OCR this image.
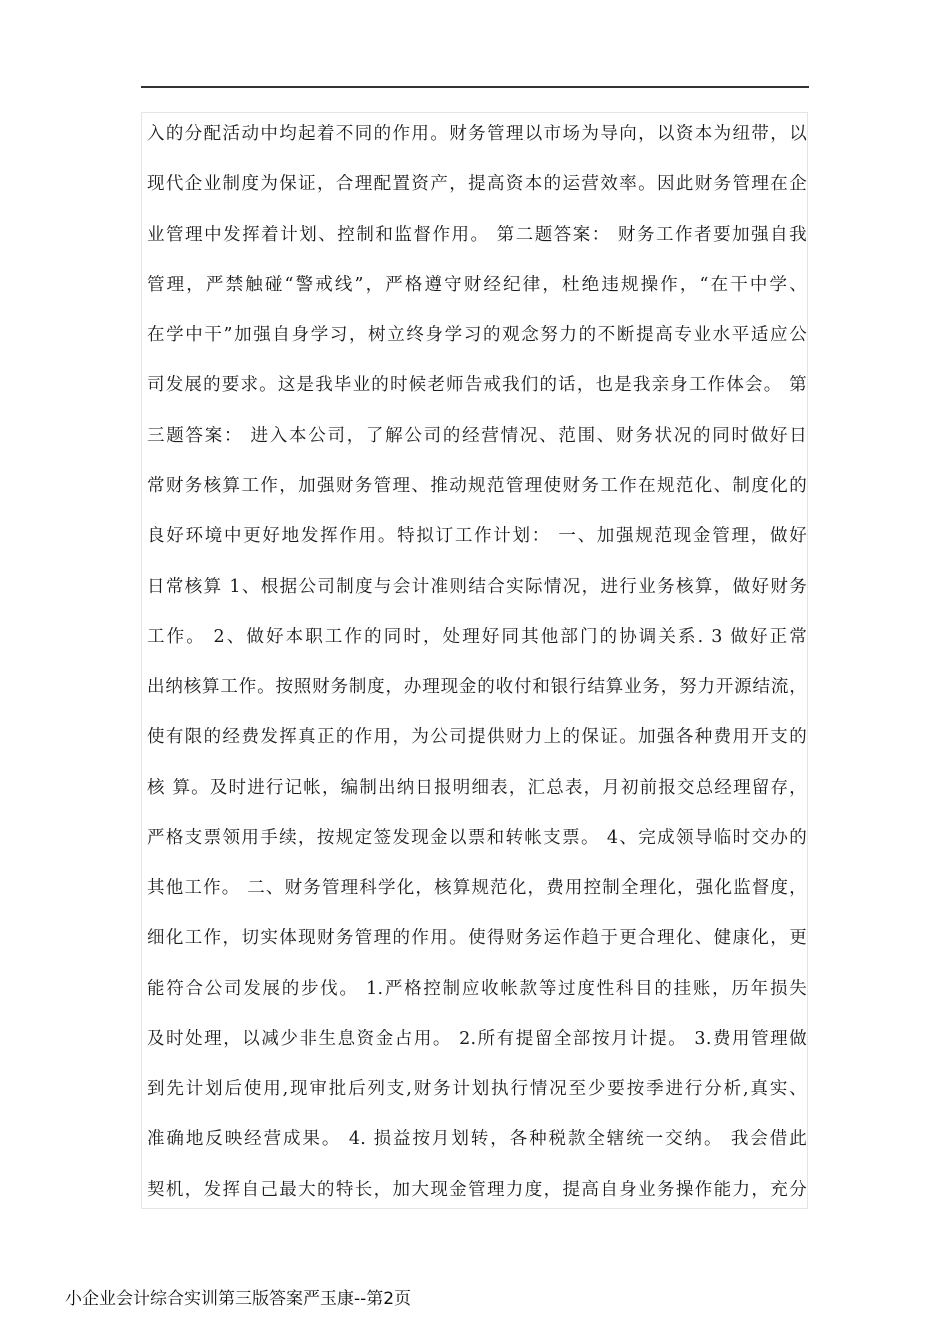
入的分配活动中均起着不同的作用。财务管理以市场为导向，以资本为纽带，以
现代企业制度为保证，合理配置资产，提高资本的运营效率。因此财务管理在企
业管理中发挥着计划、控制和监督作用。 第二题答案： 财务工作者要加强自我
管理，严禁触碰“警戒线”，严格遵守财经纪律，杜绝违规操作，“在干中学、
在学中干”加强自身学习，树立终身学习的观念努力的不断提高专业水平适应公
司发展的要求。这是我毕业的时候老师告戒我们的话，也是我亲身工作体会。 第
三题答案： 进入本公司，了解公司的经营情况、范围、财务状况的同时做好日
常财务核算工作，加强财务管理、推动规范管理使财务工作在规范化、制度化的
良好环境中更好地发挥作用。特拟订工作计划： 一、加强规范现金管理，做好
日常核算 1、根据公司制度与会计准则结合实际情况，进行业务核算，做好财务
工作。 2、做好本职工作的同时，处理好同其他部门的协调关系. 3 做好正常
出纳核算工作。按照财务制度，办理现金的收付和银行结算业务，努力开源结流，
使有限的经费发挥真正的作用，为公司提供财力上的保证。加强各种费用开支的
核 算。及时进行记帐，编制出纳日报明细表，汇总表，月初前报交总经理留存，
严格支票领用手续，按规定签发现金以票和转帐支票。 4、完成领导临时交办的
其他工作。 二、财务管理科学化，核算规范化，费用控制全理化，强化监督度，
细化工作，切实体现财务管理的作用。使得财务运作趋于更合理化、健康化，更
能符合公司发展的步伐。 1.严格控制应收帐款等过度性科目的挂账，历年损失
及时处理，以减少非生息资金占用。 2.所有提留全部按月计提。 3.费用管理做
到先计划后使用,现审批后列支,财务计划执行情况至少要按季进行分析,真实、
准确地反映经营成果。 4. 损益按月划转，各种税款全辖统一交纳。 我会借此
契机，发挥自己最大的特长，加大现金管理力度，提高自身业务操作能力，充分
小企业会计综合实训第三版答案严玉康--第2页
